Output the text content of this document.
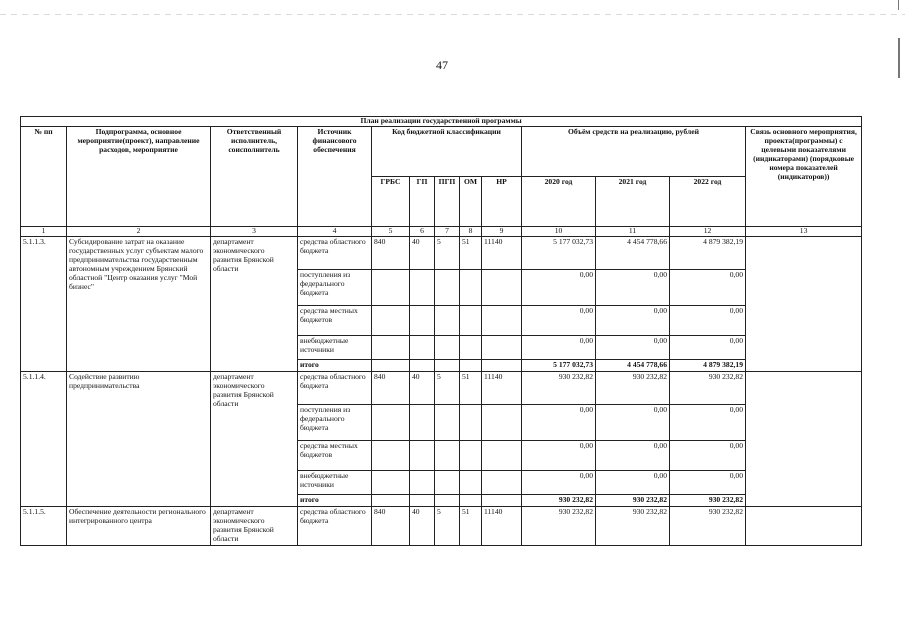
47
План реализации государственной программы												
№ пп	Подпрограмма, основное мероприятие(проект), направление расходов, мероприятие	Ответственный исполнитель, соисполнитель	Источник финансового обеспечения	Код бюджетной классификации					Объём средств на реализацию, рублей			Связь основного мероприятия, проекта(программы) с целевыми показателями (индикаторами) (порядковые номера показателей (индикаторов))
				ГРБС	ГП	ПГП	ОМ	НР	2020 год	2021 год	2022 год	
1	2	3	4	5	6	7	8	9	10	11	12	13
5.1.1.3.	Субсидирование затрат на оказание государственных услуг субъектам малого предпринимательства государственным автономным учреждением Брянский областной "Центр оказания услуг "Мой бизнес"	департамент экономического развития Брянской области	средства областного бюджета	840	40	5	51	11140	5 177 032,73	4 454 778,66	4 879 382,19	
			поступления из федерального бюджета						0,00	0,00	0,00	
			средства местных бюджетов						0,00	0,00	0,00	
			внебюджетные источники						0,00	0,00	0,00	
			итого						5 177 032,73	4 454 778,66	4 879 382,19	
5.1.1.4.	Содействие развитию предпринимательства	департамент экономического развития Брянской области	средства областного бюджета	840	40	5	51	11140	930 232,82	930 232,82	930 232,82	
			поступления из федерального бюджета						0,00	0,00	0,00	
			средства местных бюджетов						0,00	0,00	0,00	
			внебюджетные источники						0,00	0,00	0,00	
			итого						930 232,82	930 232,82	930 232,82	
5.1.1.5.	Обеспечение деятельности регионального интегрированного центра	департамент экономического развития Брянской области	средства областного бюджета	840	40	5	51	11140	930 232,82	930 232,82	930 232,82	
